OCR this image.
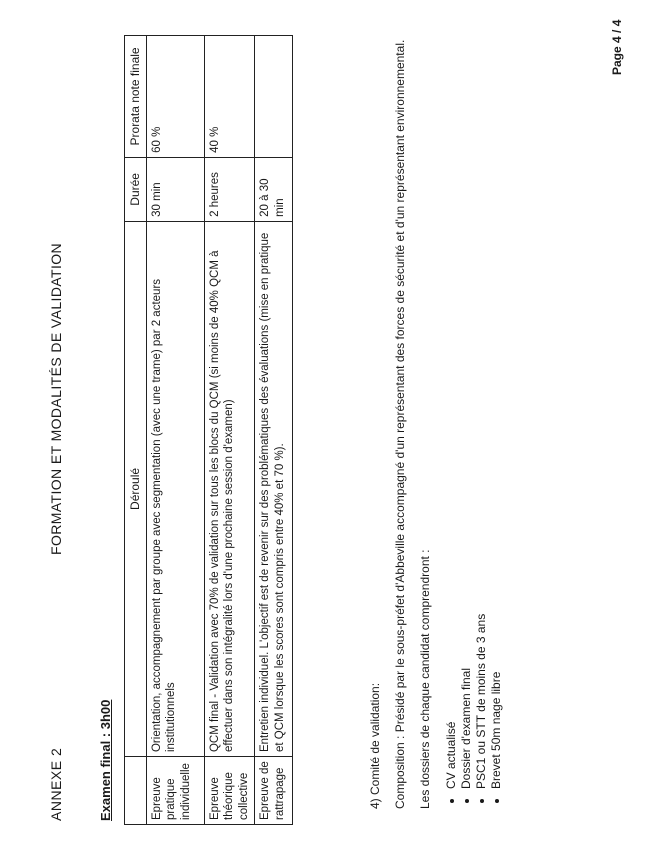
ANNEXE 2
FORMATION ET MODALITÉS DE VALIDATION
Examen final : 3h00
	Déroulé	Durée	Prorata note finale
Epreuve pratique individuelle	Orientation, accompagnement par groupe avec segmentation (avec une trame) par 2 acteurs institutionnels	30 min	60 %
Epreuve théorique collective	QCM final - Validation avec 70% de validation sur tous les blocs du QCM (si moins de 40% QCM à effectuer dans son intégralité lors d'une prochaine session d'examen)	2 heures	40 %
Epreuve de rattrapage	Entretien individuel. L'objectif est de revenir sur des problématiques des évaluations (mise en pratique et QCM lorsque les scores sont compris entre 40% et 70 %).	20 à 30 min	
4) Comité de validation: Composition : Présidé par le sous-préfet d'Abbeville accompagné d'un représentant des forces de sécurité et d'un représentant environnemental. Les dossiers de chaque candidat comprendront : • CV actualisé • Dossier d'examen final • PSC1 ou STT de moins de 3 ans • Brevet 50m nage libre
Page 4 / 4
